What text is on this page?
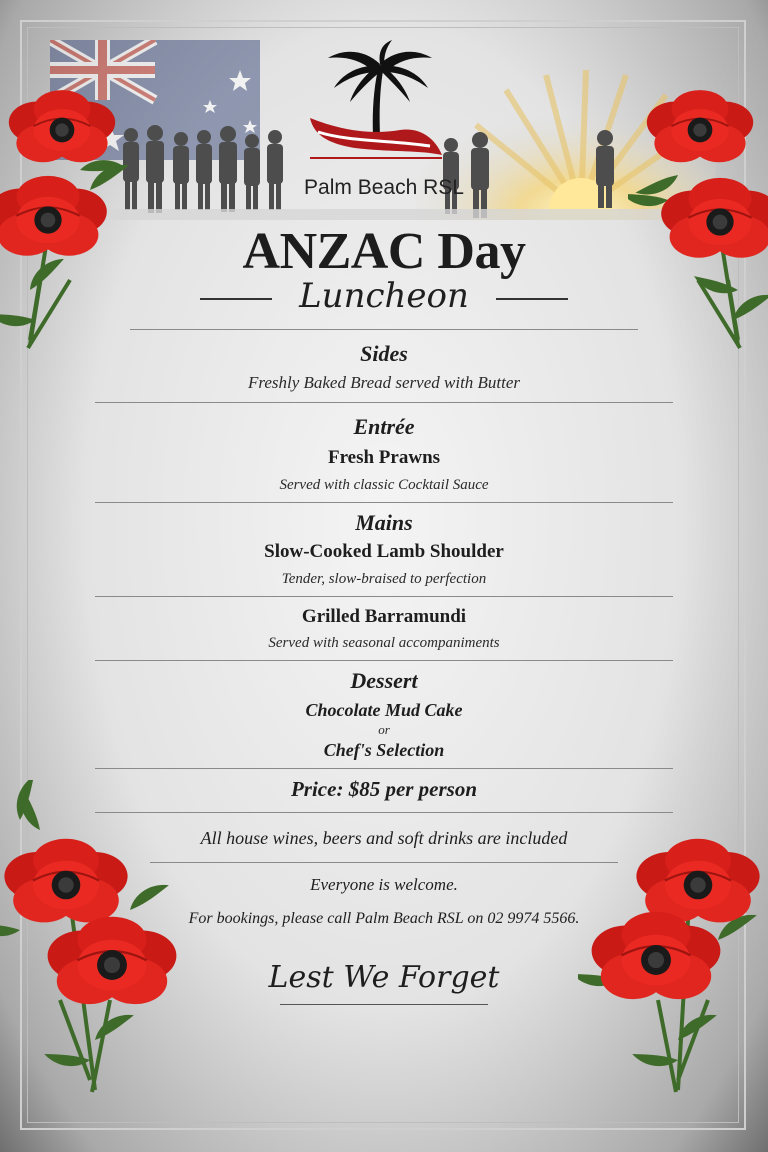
Palm Beach RSL
ANZAC Day
Luncheon
Sides
Freshly Baked Bread served with Butter
Entrée
Fresh Prawns
Served with classic Cocktail Sauce
Mains
Slow-Cooked Lamb Shoulder
Tender, slow-braised to perfection
Grilled Barramundi
Served with seasonal accompaniments
Dessert
Chocolate Mud Cake
or
Chef's Selection
Price: $85 per person
All house wines, beers and soft drinks are included
Everyone is welcome.
For bookings, please call Palm Beach RSL on 02 9974 5566.
Lest We Forget
